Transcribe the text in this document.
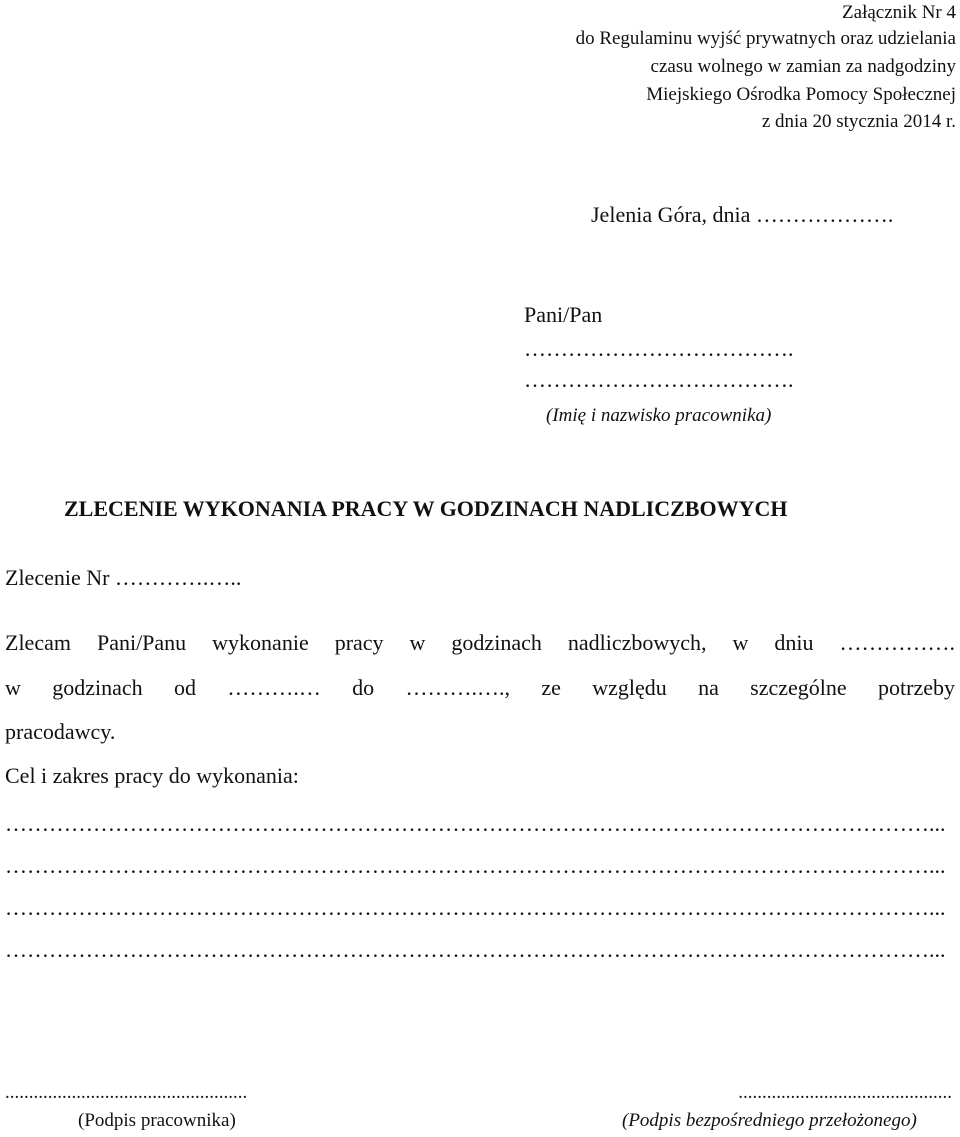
Załącznik Nr 4
do Regulaminu wyjść prywatnych oraz udzielania
czasu wolnego w zamian za nadgodziny
Miejskiego Ośrodka Pomocy Społecznej
z dnia 20 stycznia 2014 r.
Jelenia Góra, dnia ……………….
Pani/Pan
……………………………….
……………………………….
(Imię i nazwisko pracownika)
ZLECENIE WYKONANIA PRACY W GODZINACH NADLICZBOWYCH
Zlecenie Nr ………….…..
Zlecam Pani/Panu wykonanie pracy w godzinach nadliczbowych, w dniu …………….
w godzinach od ……….… do ……….…., ze względu na szczególne potrzeby
pracodawcy.
Cel i zakres pracy do wykonania:
………………………………………………………………………………………………………………...
………………………………………………………………………………………………………………...
………………………………………………………………………………………………………………...
………………………………………………………………………………………………………………...
...................................................
(Podpis pracownika)
.............................................
(Podpis bezpośredniego przełożonego)
